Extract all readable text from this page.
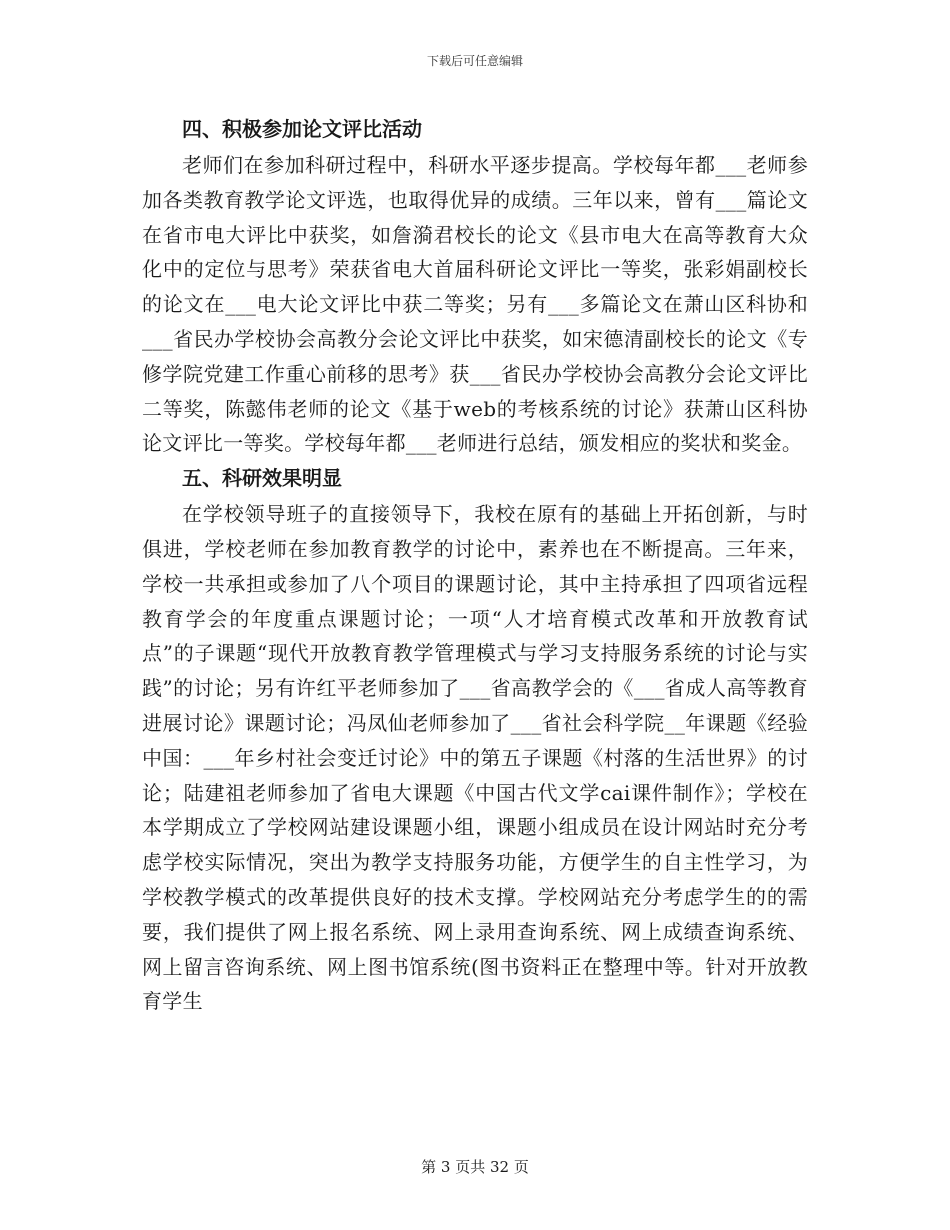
下载后可任意编辑
四、积极参加论文评比活动

老师们在参加科研过程中，科研水平逐步提高。学校每年都___老师参加各类教育教学论文评选，也取得优异的成绩。三年以来，曾有___篇论文在省市电大评比中获奖，如詹漪君校长的论文《县市电大在高等教育大众化中的定位与思考》荣获省电大首届科研论文评比一等奖，张彩娟副校长的论文在___电大论文评比中获二等奖；另有___多篇论文在萧山区科协和___省民办学校协会高教分会论文评比中获奖，如宋德清副校长的论文《专修学院党建工作重心前移的思考》获___省民办学校协会高教分会论文评比二等奖，陈懿伟老师的论文《基于web的考核系统的讨论》获萧山区科协论文评比一等奖。学校每年都___老师进行总结，颁发相应的奖状和奖金。

五、科研效果明显

在学校领导班子的直接领导下，我校在原有的基础上开拓创新，与时俱进，学校老师在参加教育教学的讨论中，素养也在不断提高。三年来，学校一共承担或参加了八个项目的课题讨论，其中主持承担了四项省远程教育学会的年度重点课题讨论；一项“人才培育模式改革和开放教育试点”的子课题“现代开放教育教学管理模式与学习支持服务系统的讨论与实践”的讨论；另有许红平老师参加了___省高教学会的《___省成人高等教育进展讨论》课题讨论；冯凤仙老师参加了___省社会科学院__年课题《经验中国：___年乡村社会变迁讨论》中的第五子课题《村落的生活世界》的讨论；陆建祖老师参加了省电大课题《中国古代文学cai课件制作》；学校在本学期成立了学校网站建设课题小组，课题小组成员在设计网站时充分考虑学校实际情况，突出为教学支持服务功能，方便学生的自主性学习，为学校教学模式的改革提供良好的技术支撑。学校网站充分考虑学生的的需要，我们提供了网上报名系统、网上录用查询系统、网上成绩查询系统、网上留言咨询系统、网上图书馆系统(图书资料正在整理中等。针对开放教育学生

第 3 页共 32 页
